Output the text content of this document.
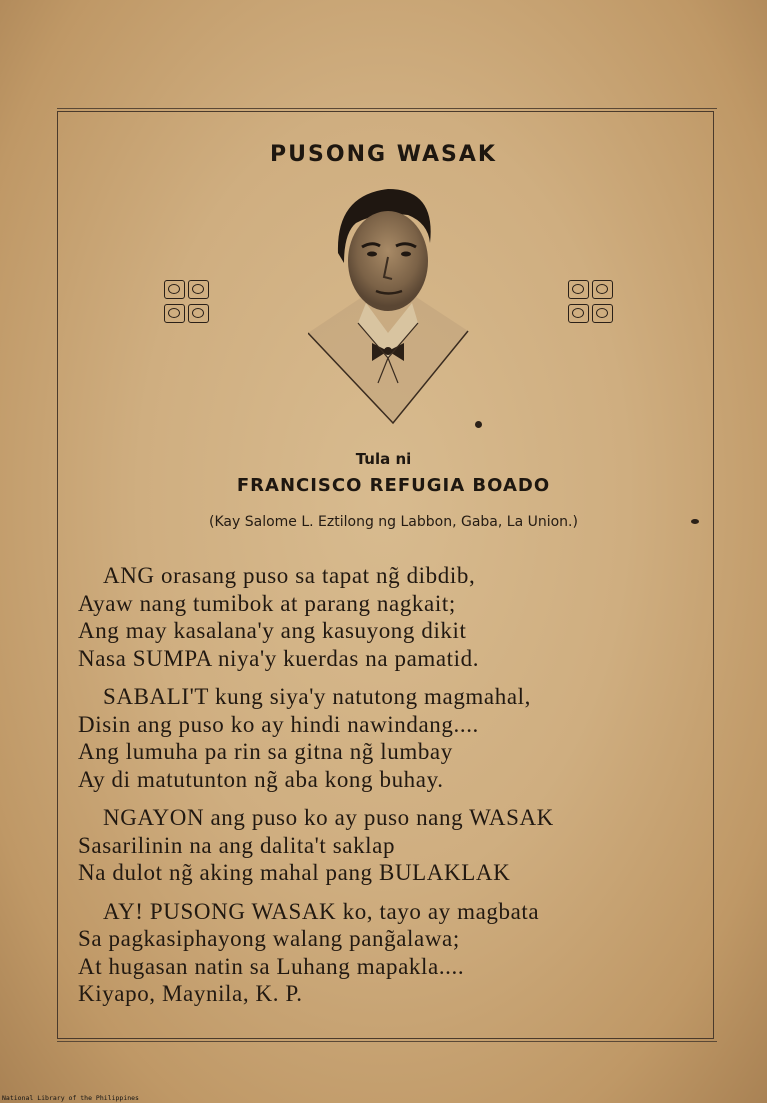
PUSONG WASAK
Tula ni
FRANCISCO REFUGIA BOADO
(Kay Salome L. Eztilong ng Labbon, Gaba, La Union.)
ANG orasang puso sa tapat ng̃ dibdib,
Ayaw nang tumibok at parang nagkait;
Ang may kasalana'y ang kasuyong dikit
Nasa SUMPA niya'y kuerdas na pamatid.
SABALI'T kung siya'y natutong magmahal,
Disin ang puso ko ay hindi nawindang....
Ang lumuha pa rin sa gitna ng̃ lumbay
Ay di matutunton ng̃ aba kong buhay.
NGAYON ang puso ko ay puso nang WASAK
Sasarilinin na ang dalita't saklap
Na dulot ng̃ aking mahal pang BULAKLAK
AY! PUSONG WASAK ko, tayo ay magbata
Sa pagkasiphayong walang pang̃alawa;
At hugasan natin sa Luhang mapakla....
Kiyapo, Maynila, K. P.
National Library of the Philippines
